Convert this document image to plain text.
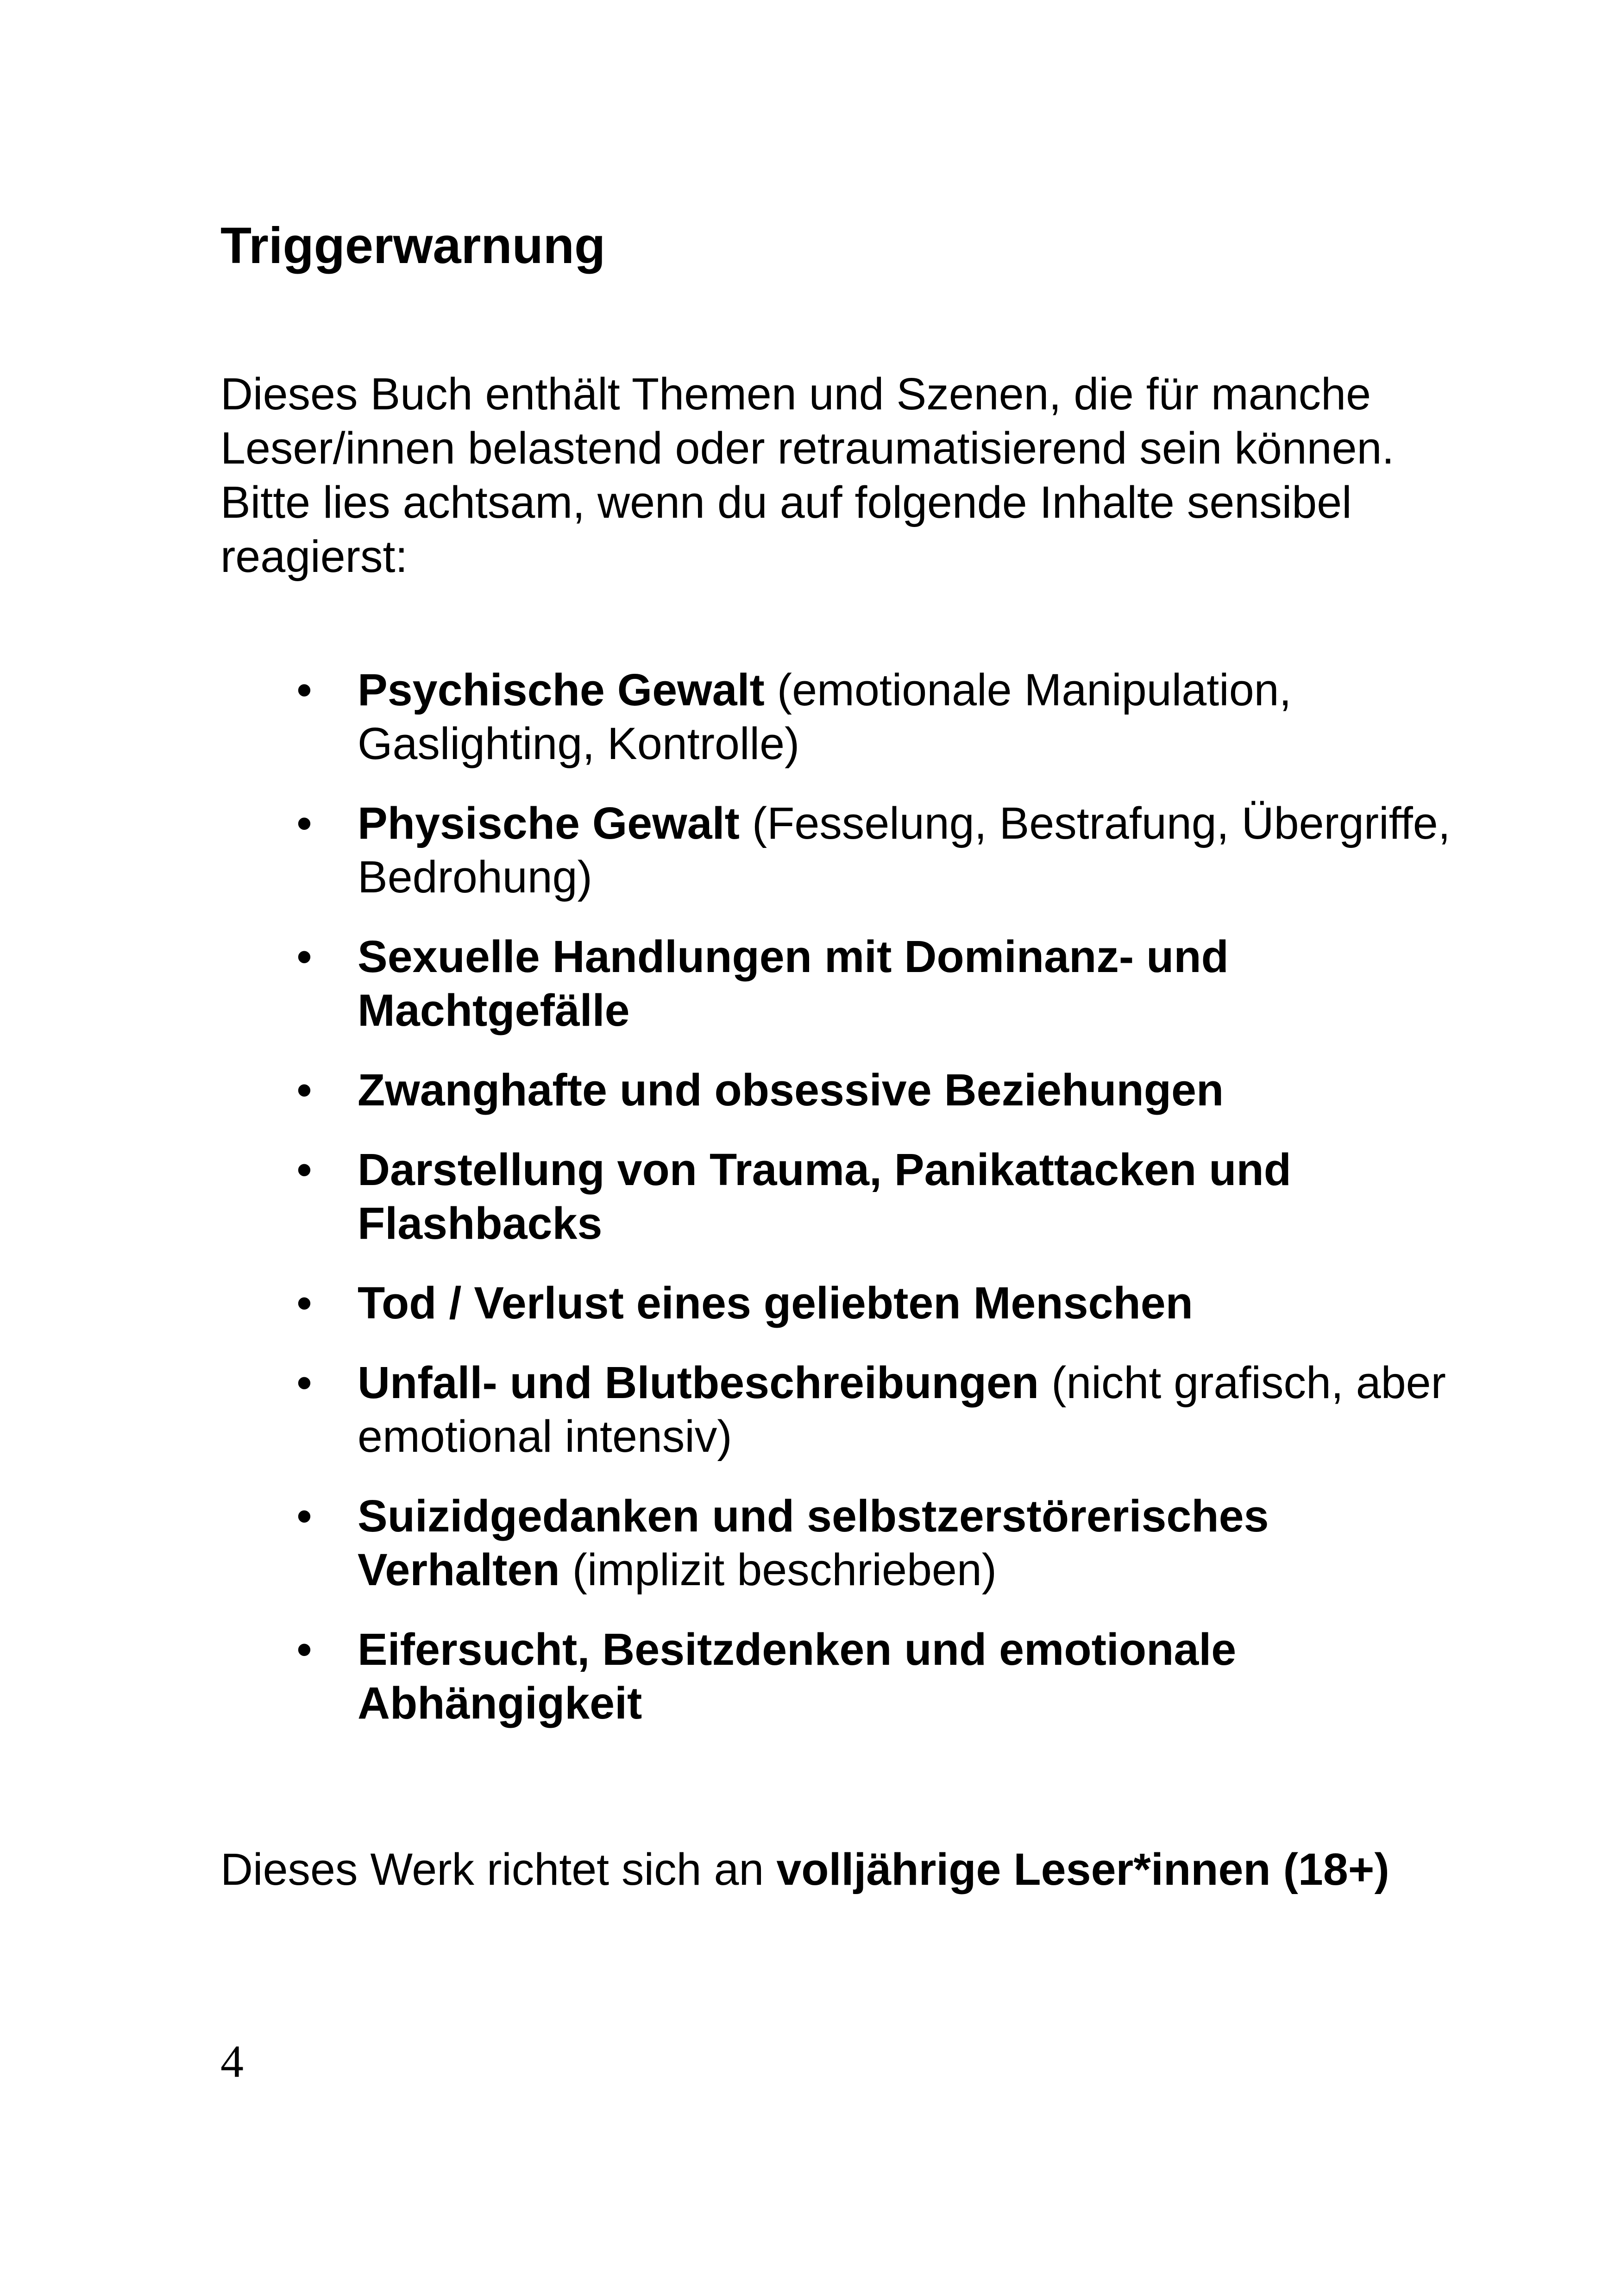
Triggerwarnung
Dieses Buch enthält Themen und Szenen, die für manche Leser/innen belastend oder retraumatisierend sein können.
Bitte lies achtsam, wenn du auf folgende Inhalte sensibel reagierst:
• Psychische Gewalt (emotionale Manipulation, Gaslighting, Kontrolle)
• Physische Gewalt (Fesselung, Bestrafung, Übergriffe, Bedrohung)
• Sexuelle Handlungen mit Dominanz- und Machtgefälle
• Zwanghafte und obsessive Beziehungen
• Darstellung von Trauma, Panikattacken und Flashbacks
• Tod / Verlust eines geliebten Menschen
• Unfall- und Blutbeschreibungen (nicht grafisch, aber emotional intensiv)
• Suizidgedanken und selbstzerstörerisches Verhalten (implizit beschrieben)
• Eifersucht, Besitzdenken und emotionale Abhängigkeit

Dieses Werk richtet sich an volljährige Leser*innen (18+)

4
